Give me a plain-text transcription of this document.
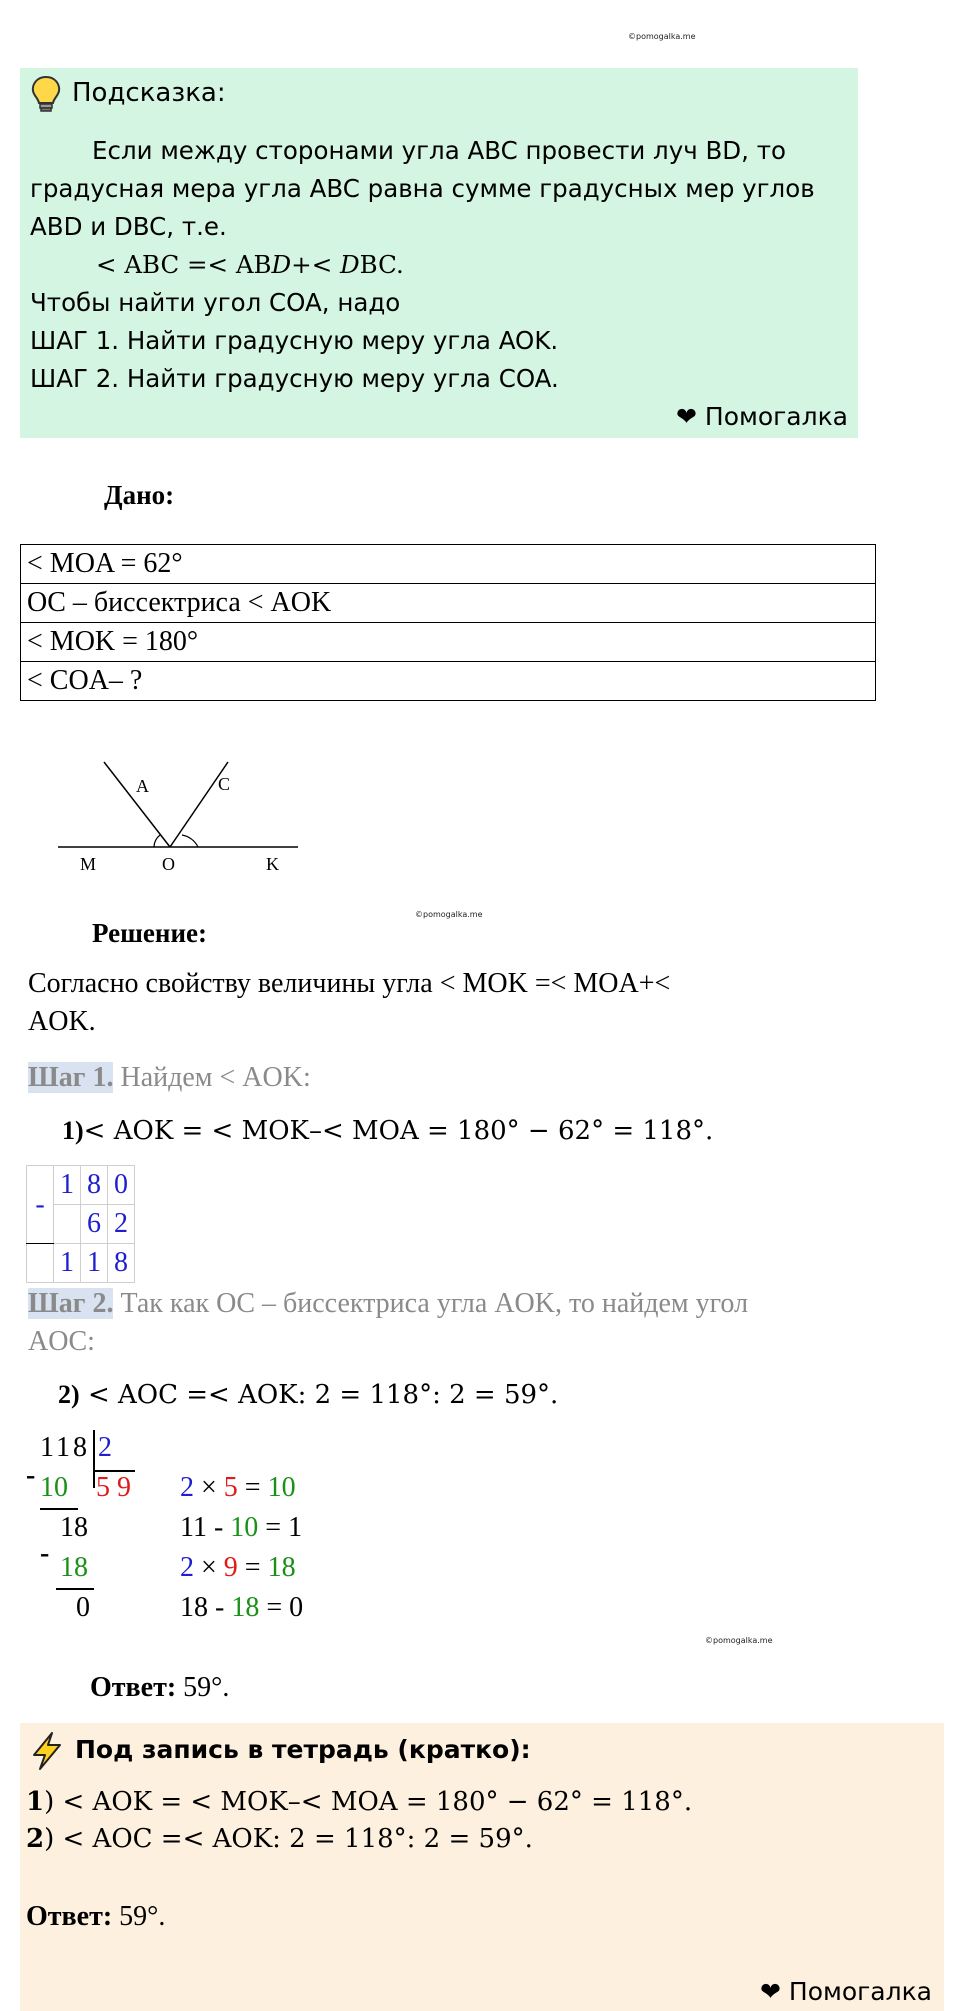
©pomogalka.me
Подсказка:
Если между сторонами угла ABC провести луч BD, то
градусная мера угла ABC равна сумме градусных мер углов
ABD и DBC, т.е.
< ABC =< AB𝐷+< 𝐷BC.
Чтобы найти угол COA, надо
ШАГ 1. Найти градусную меру угла AOK.
ШАГ 2. Найти градусную меру угла COA.
❤ Помогалка
Дано:
< MOA = 62°
OC – биссектриса < AOK
< MOK = 180°
< COA– ?
A	C
M	O	K
Решение:
©pomogalka.me
Согласно свойству величины угла < MOK =< MOA+<
AOK.
Шаг 1. Найдем < AOK:
1)< AOK = < MOK–< MOA = 180° − 62° = 118°.
-	1	8	0
		6	2
	1	1	8
Шаг 2. Так как OC – биссектриса угла AOK, то найдем угол
AOC:
2) < AOC =< AOK: 2 = 118°: 2 = 59°.
118 2
- 10 5 9
18
- 18
0
2 × 5 = 10
11 - 10 = 1
2 × 9 = 18
18 - 18 = 0
©pomogalka.me
Ответ: 59°.
Под запись в тетрадь (кратко):
1) < AOK = < MOK–< MOA = 180° − 62° = 118°.
2) < AOC =< AOK: 2 = 118°: 2 = 59°.
Ответ: 59°.
❤ Помогалка
